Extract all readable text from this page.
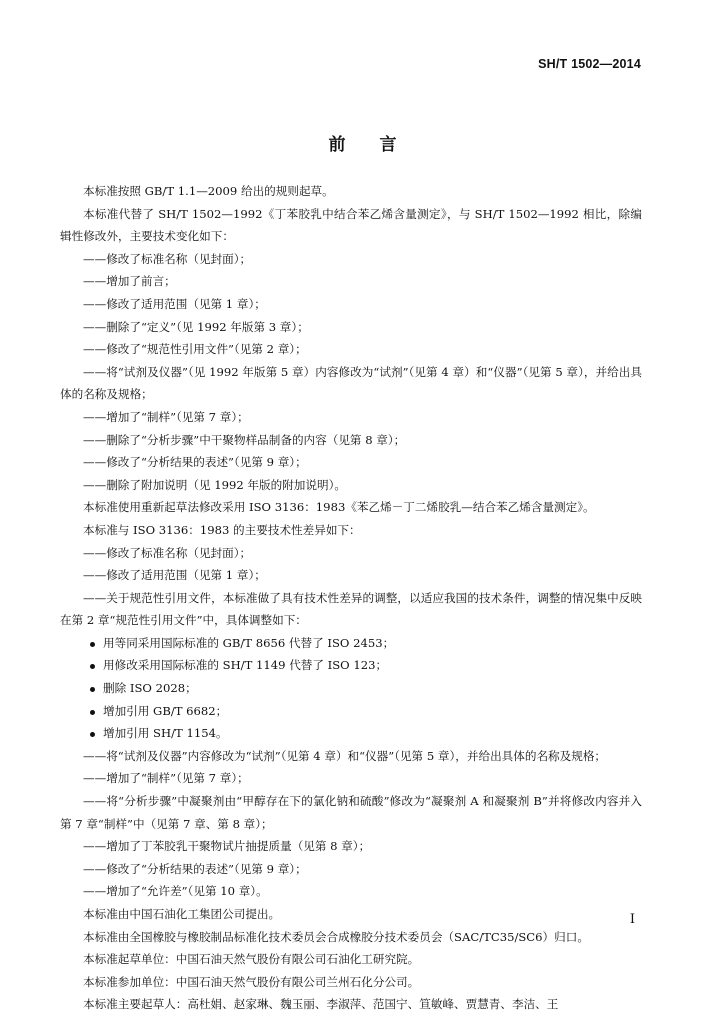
SH/T 1502—2014
前言

本标准按照 GB/T 1.1—2009 给出的规则起草。

本标准代替了 SH/T 1502—1992《丁苯胶乳中结合苯乙烯含量测定》，与 SH/T 1502—1992 相比，除编辑性修改外，主要技术变化如下：

——修改了标准名称（见封面）；

——增加了前言；

——修改了适用范围（见第 1 章）；

——删除了“定义”（见 1992 年版第 3 章）；

——修改了“规范性引用文件”（见第 2 章）；

——将“试剂及仪器”（见 1992 年版第 5 章）内容修改为“试剂”（见第 4 章）和“仪器”（见第 5 章），并给出具体的名称及规格；

——增加了“制样”（见第 7 章）；

——删除了“分析步骤”中干聚物样品制备的内容（见第 8 章）；

——修改了“分析结果的表述”（见第 9 章）；

——删除了附加说明（见 1992 年版的附加说明）。

本标准使用重新起草法修改采用 ISO 3136：1983《苯乙烯－丁二烯胶乳—结合苯乙烯含量测定》。

本标准与 ISO 3136：1983 的主要技术性差异如下：

——修改了标准名称（见封面）；

——修改了适用范围（见第 1 章）；

——关于规范性引用文件，本标准做了具有技术性差异的调整，以适应我国的技术条件，调整的情况集中反映在第 2 章“规范性引用文件”中，具体调整如下：

用等同采用国际标准的 GB/T 8656 代替了 ISO 2453；
用修改采用国际标准的 SH/T 1149 代替了 ISO 123；
删除 ISO 2028；
增加引用 GB/T 6682；
增加引用 SH/T 1154。

——将“试剂及仪器”内容修改为“试剂”（见第 4 章）和“仪器”（见第 5 章），并给出具体的名称及规格；

——增加了“制样”（见第 7 章）；

——将“分析步骤”中凝聚剂由“甲醇存在下的氯化钠和硫酸”修改为“凝聚剂 A 和凝聚剂 B”并将修改内容并入第 7 章“制样”中（见第 7 章、第 8 章）；

——增加了丁苯胶乳干聚物试片抽提质量（见第 8 章）；

——修改了“分析结果的表述”（见第 9 章）；

——增加了“允许差”（见第 10 章）。

本标准由中国石油化工集团公司提出。

本标准由全国橡胶与橡胶制品标准化技术委员会合成橡胶分技术委员会（SAC/TC35/SC6）归口。

本标准起草单位：中国石油天然气股份有限公司石油化工研究院。

本标准参加单位：中国石油天然气股份有限公司兰州石化分公司。

本标准主要起草人：高杜娟、赵家琳、魏玉丽、李淑萍、范国宁、笪敏峰、贾慧青、李洁、王

I
